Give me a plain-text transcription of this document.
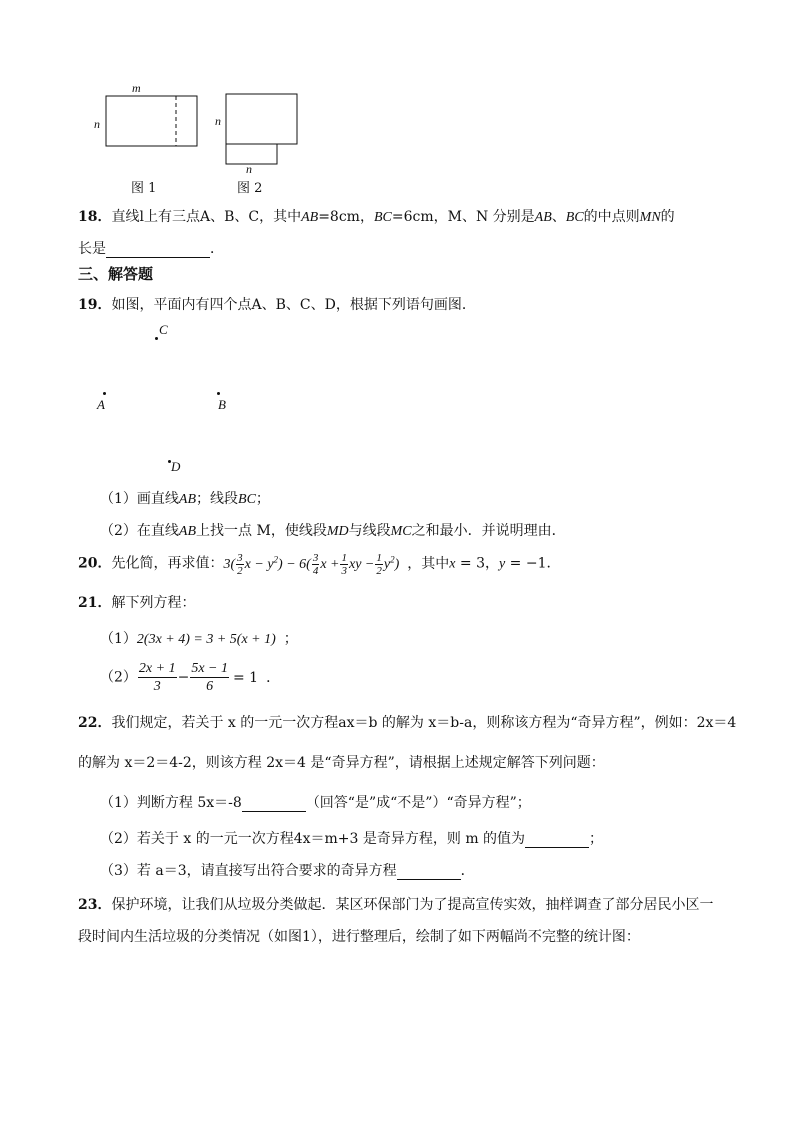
m
n	n
n
图 1	图 2
18．直线l上有三点A、B、C，其中AB=8cm，BC=6cm，M、N 分别是AB、BC的中点则MN的
长是	．
三、解答题
19．如图，平面内有四个点A、B、C、D，根据下列语句画图．
C
A	B
D
（1）画直线AB；线段BC；
（2）在直线AB上找一点 M，使线段MD与线段MC之和最小．并说明理由．
20．先化简，再求值：$3( \frac{3}{2}$ $x - y^2) - 6( \frac{3}{4}$ $x + \frac{1}{3}$ xy − $\frac{1}{2} y^2$) ，其中x = 3，y = −1．
21．解下列方程：
（1）2(3x + 4) = 3 + 5(x + 1) ；
$(2) \frac{2x + 1}{3} - \frac{5x - 1}{6} = 1$ ．
22．我们规定，若关于 x 的一元一次方程ax＝b 的解为 x＝b-a，则称该方程为“奇异方程”，例如：2x＝4
的解为 x＝2＝4-2，则该方程 2x＝4 是“奇异方程”，请根据上述规定解答下列问题：
（1）判断方程 5x＝-8	（回答“是”成“不是”）“奇异方程”；
（2）若关于 x 的一元一次方程4x＝m+3 是奇异方程，则 m 的值为	；
（3）若 a＝3，请直接写出符合要求的奇异方程	．
23．保护环境，让我们从垃圾分类做起．某区环保部门为了提高宣传实效，抽样调查了部分居民小区一
段时间内生活垃圾的分类情况（如图1），进行整理后，绘制了如下两幅尚不完整的统计图：
